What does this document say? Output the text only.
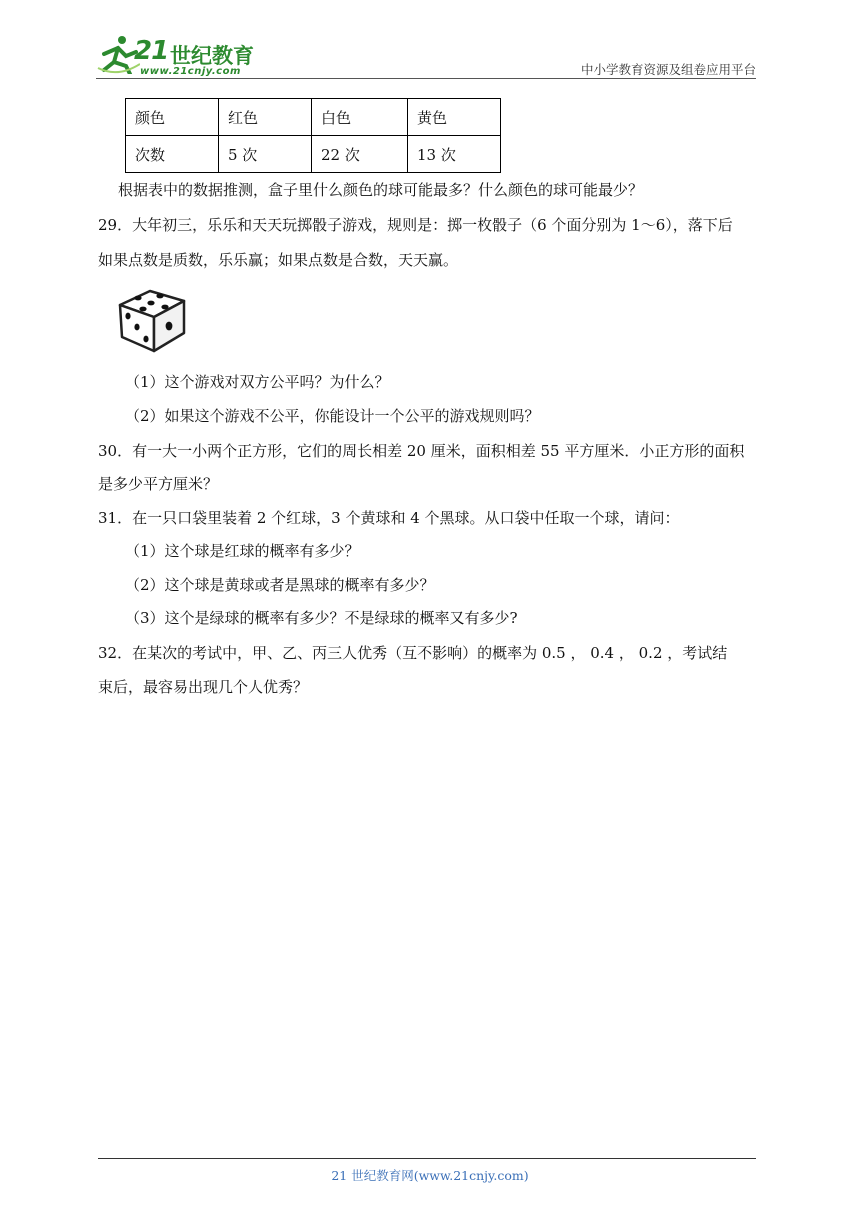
21 世纪教育
www.21cnjy.com	中小学教育资源及组卷应用平台
颜色	红色	白色	黄色
次数	5 次	22 次	13 次
根据表中的数据推测，盒子里什么颜色的球可能最多？什么颜色的球可能最少？
29．大年初三，乐乐和天天玩掷骰子游戏，规则是：掷一枚骰子（6 个面分别为 1～6），落下后
如果点数是质数，乐乐赢；如果点数是合数，天天赢。
（1）这个游戏对双方公平吗？为什么？
（2）如果这个游戏不公平，你能设计一个公平的游戏规则吗？
30．有一大一小两个正方形，它们的周长相差 20 厘米，面积相差 55 平方厘米．小正方形的面积
是多少平方厘米？
31．在一只口袋里装着 2 个红球，3 个黄球和 4 个黑球。从口袋中任取一个球，请问：
（1）这个球是红球的概率有多少？
（2）这个球是黄球或者是黑球的概率有多少？
（3）这个是绿球的概率有多少？不是绿球的概率又有多少?
32．在某次的考试中，甲、乙、丙三人优秀（互不影响）的概率为 0.5 ， 0.4 ， 0.2 ，考试结
束后，最容易出现几个人优秀？
21 世纪教育网(www.21cnjy.com)
